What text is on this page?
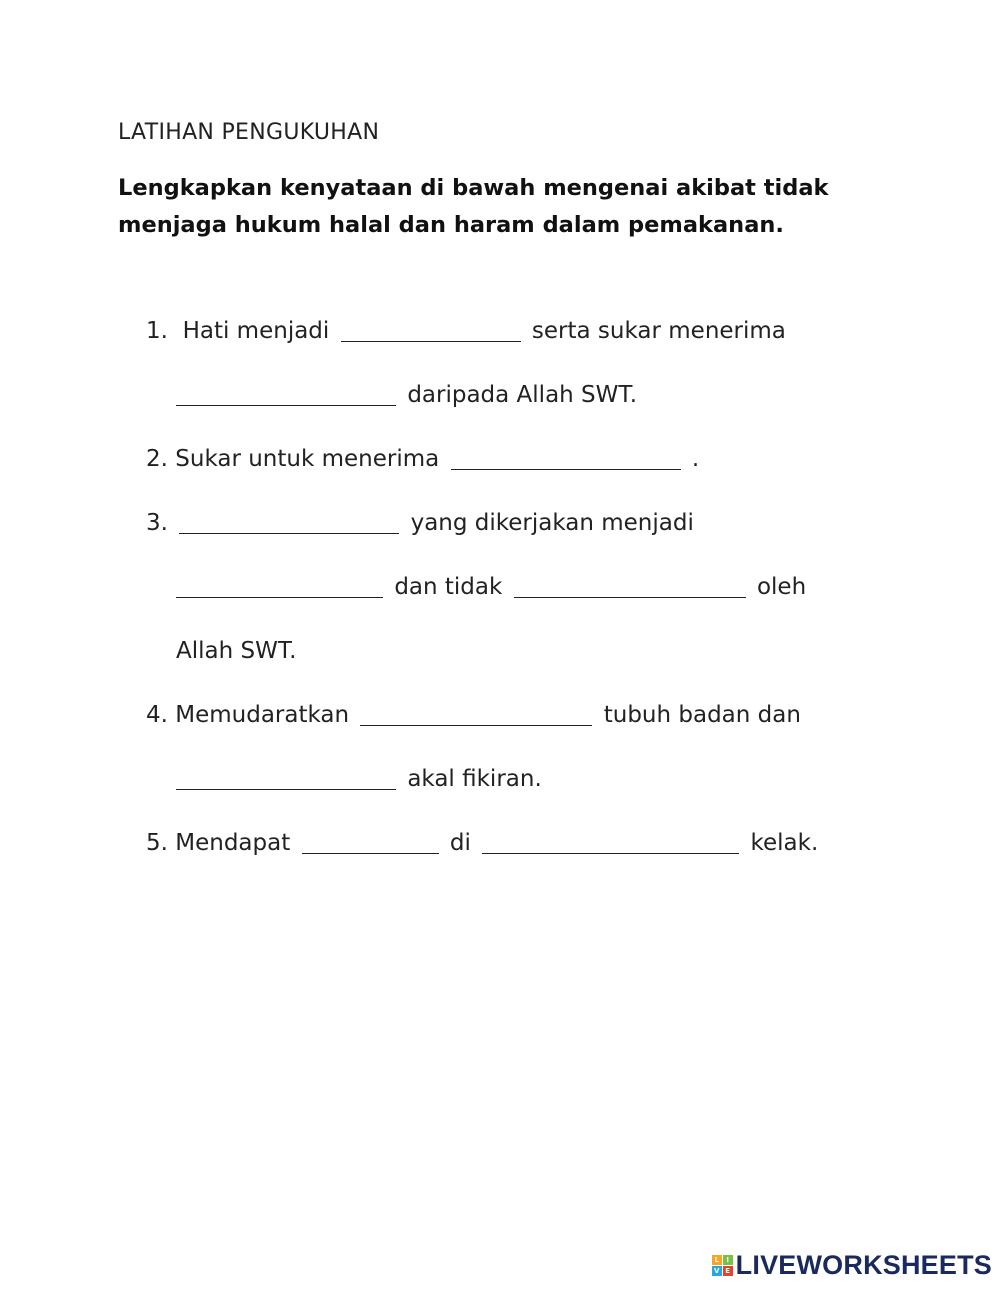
LATIHAN PENGUKUHAN
Lengkapkan kenyataan di bawah mengenai akibat tidak menjaga hukum halal dan haram dalam pemakanan.
1. Hati menjadi	serta sukar menerima
daripada Allah SWT.
2. Sukar untuk menerima	.
3.	yang dikerjakan menjadi
dan tidak	oleh
Allah SWT.
4. Memudaratkan	tubuh badan dan
akal fikiran.
5. Mendapat	di	kelak.
L	I
V E LIVEWORKSHEETS
